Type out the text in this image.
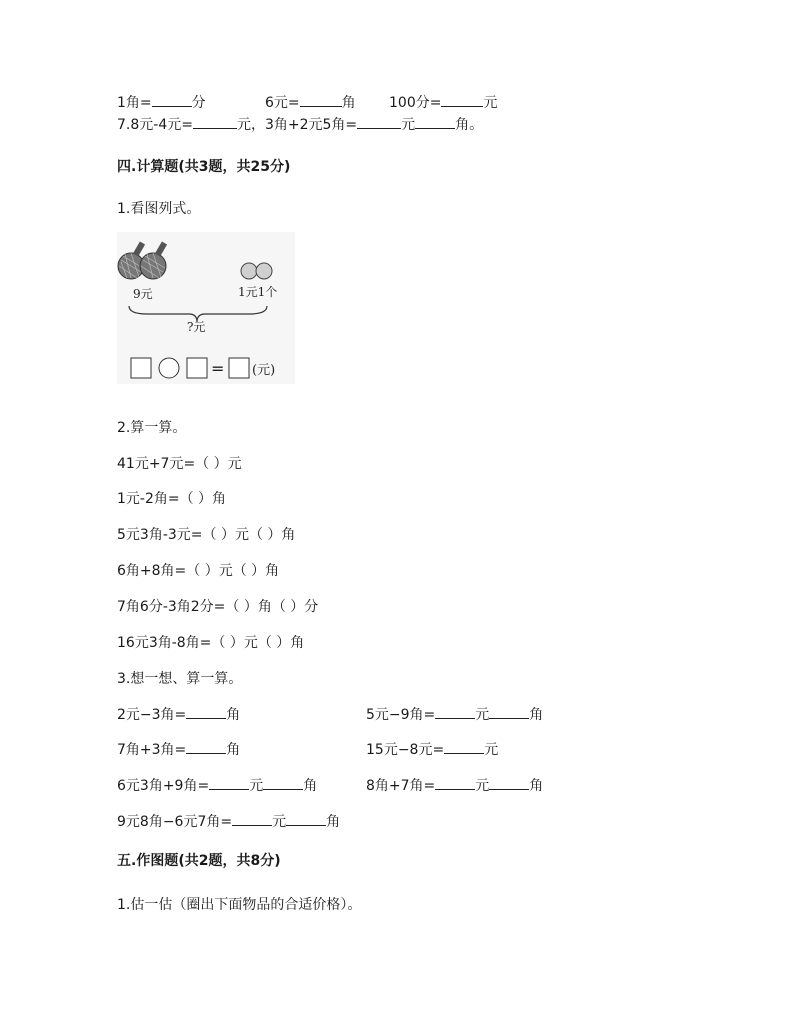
1角=	分	6元=	角 100分=	元
7.8元-4元=	元，3角+2元5角=	元	角。
四.计算题(共3题，共25分)
1.看图列式。
9元	1元1个
?元
= (元)
2.算一算。
41元+7元=（ ）元
1元-2角=（ ）角
5元3角-3元=（ ）元（ ）角
6角+8角=（ ）元（ ）角
7角6分-3角2分=（ ）角（ ）分
16元3角-8角=（ ）元（ ）角
3.想一想、算一算。
2元−3角=	角	5元−9角=	元	角
7角+3角=	角	15元−8元=	元
6元3角+9角=	元	角	8角+7角=	元	角
9元8角−6元7角=	元	角
五.作图题(共2题，共8分)
1.估一估（圈出下面物品的合适价格）。
